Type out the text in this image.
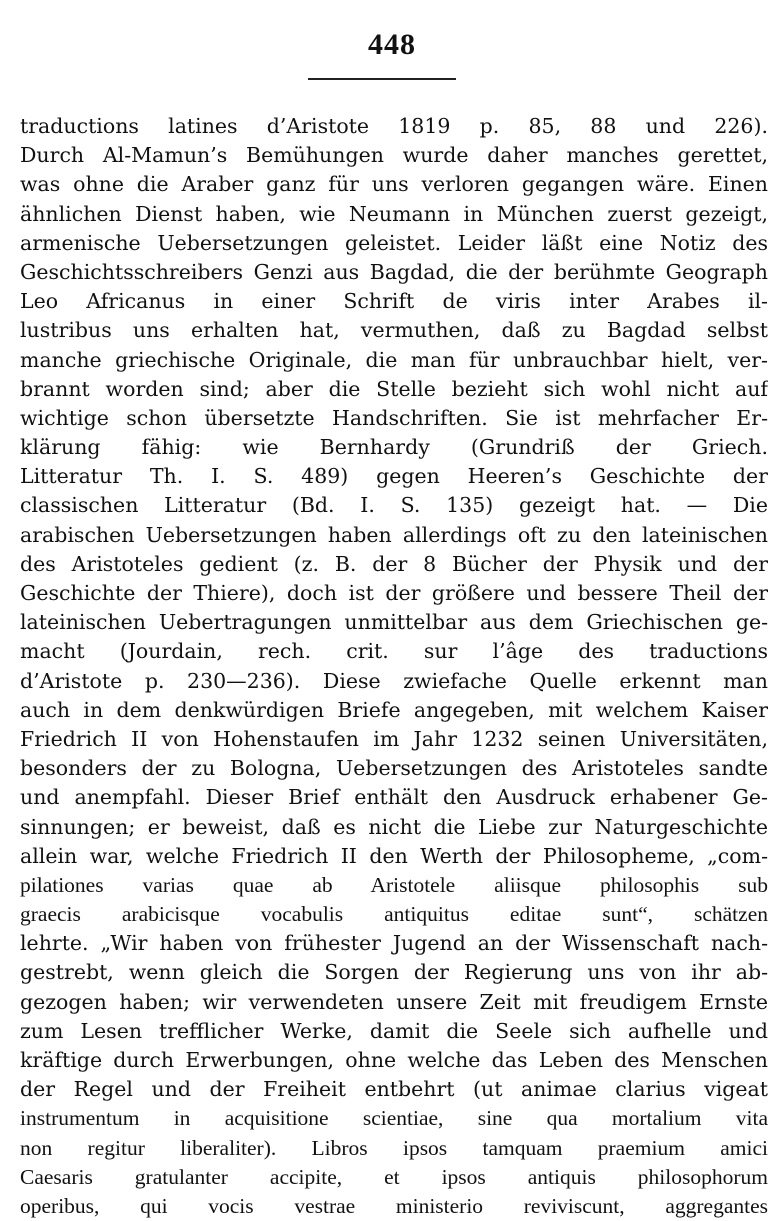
448
traductions latines d’Aristote 1819 p. 85, 88 und 226).
Durch Al-Mamun’s Bemühungen wurde daher manches gerettet,
was ohne die Araber ganz für uns verloren gegangen wäre. Einen
ähnlichen Dienst haben, wie Neumann in München zuerst gezeigt,
armenische Uebersetzungen geleistet. Leider läßt eine Notiz des
Geschichtsschreibers Genzi aus Bagdad, die der berühmte Geograph
Leo Africanus in einer Schrift de viris inter Arabes il-
lustribus uns erhalten hat, vermuthen, daß zu Bagdad selbst
manche griechische Originale, die man für unbrauchbar hielt, ver-
brannt worden sind; aber die Stelle bezieht sich wohl nicht auf
wichtige schon übersetzte Handschriften. Sie ist mehrfacher Er-
klärung fähig: wie Bernhardy (Grundriß der Griech.
Litteratur Th. I. S. 489) gegen Heeren’s Geschichte der
classischen Litteratur (Bd. I. S. 135) gezeigt hat. — Die
arabischen Uebersetzungen haben allerdings oft zu den lateinischen
des Aristoteles gedient (z. B. der 8 Bücher der Physik und der
Geschichte der Thiere), doch ist der größere und bessere Theil der
lateinischen Uebertragungen unmittelbar aus dem Griechischen ge-
macht (Jourdain, rech. crit. sur l’âge des traductions
d’Aristote p. 230—236). Diese zwiefache Quelle erkennt man
auch in dem denkwürdigen Briefe angegeben, mit welchem Kaiser
Friedrich II von Hohenstaufen im Jahr 1232 seinen Universitäten,
besonders der zu Bologna, Uebersetzungen des Aristoteles sandte
und anempfahl. Dieser Brief enthält den Ausdruck erhabener Ge-
sinnungen; er beweist, daß es nicht die Liebe zur Naturgeschichte
allein war, welche Friedrich II den Werth der Philosopheme, „com-
pilationes varias quae ab Aristotele aliisque philosophis sub
graecis arabicisque vocabulis antiquitus editae sunt“, schätzen
lehrte. „Wir haben von frühester Jugend an der Wissenschaft nach-
gestrebt, wenn gleich die Sorgen der Regierung uns von ihr ab-
gezogen haben; wir verwendeten unsere Zeit mit freudigem Ernste
zum Lesen trefflicher Werke, damit die Seele sich aufhelle und
kräftige durch Erwerbungen, ohne welche das Leben des Menschen
der Regel und der Freiheit entbehrt (ut animae clarius vigeat
instrumentum in acquisitione scientiae, sine qua mortalium vita
non regitur liberaliter). Libros ipsos tamquam praemium amici
Caesaris gratulanter accipite, et ipsos antiquis philosophorum
operibus, qui vocis vestrae ministerio reviviscunt, aggregantes
